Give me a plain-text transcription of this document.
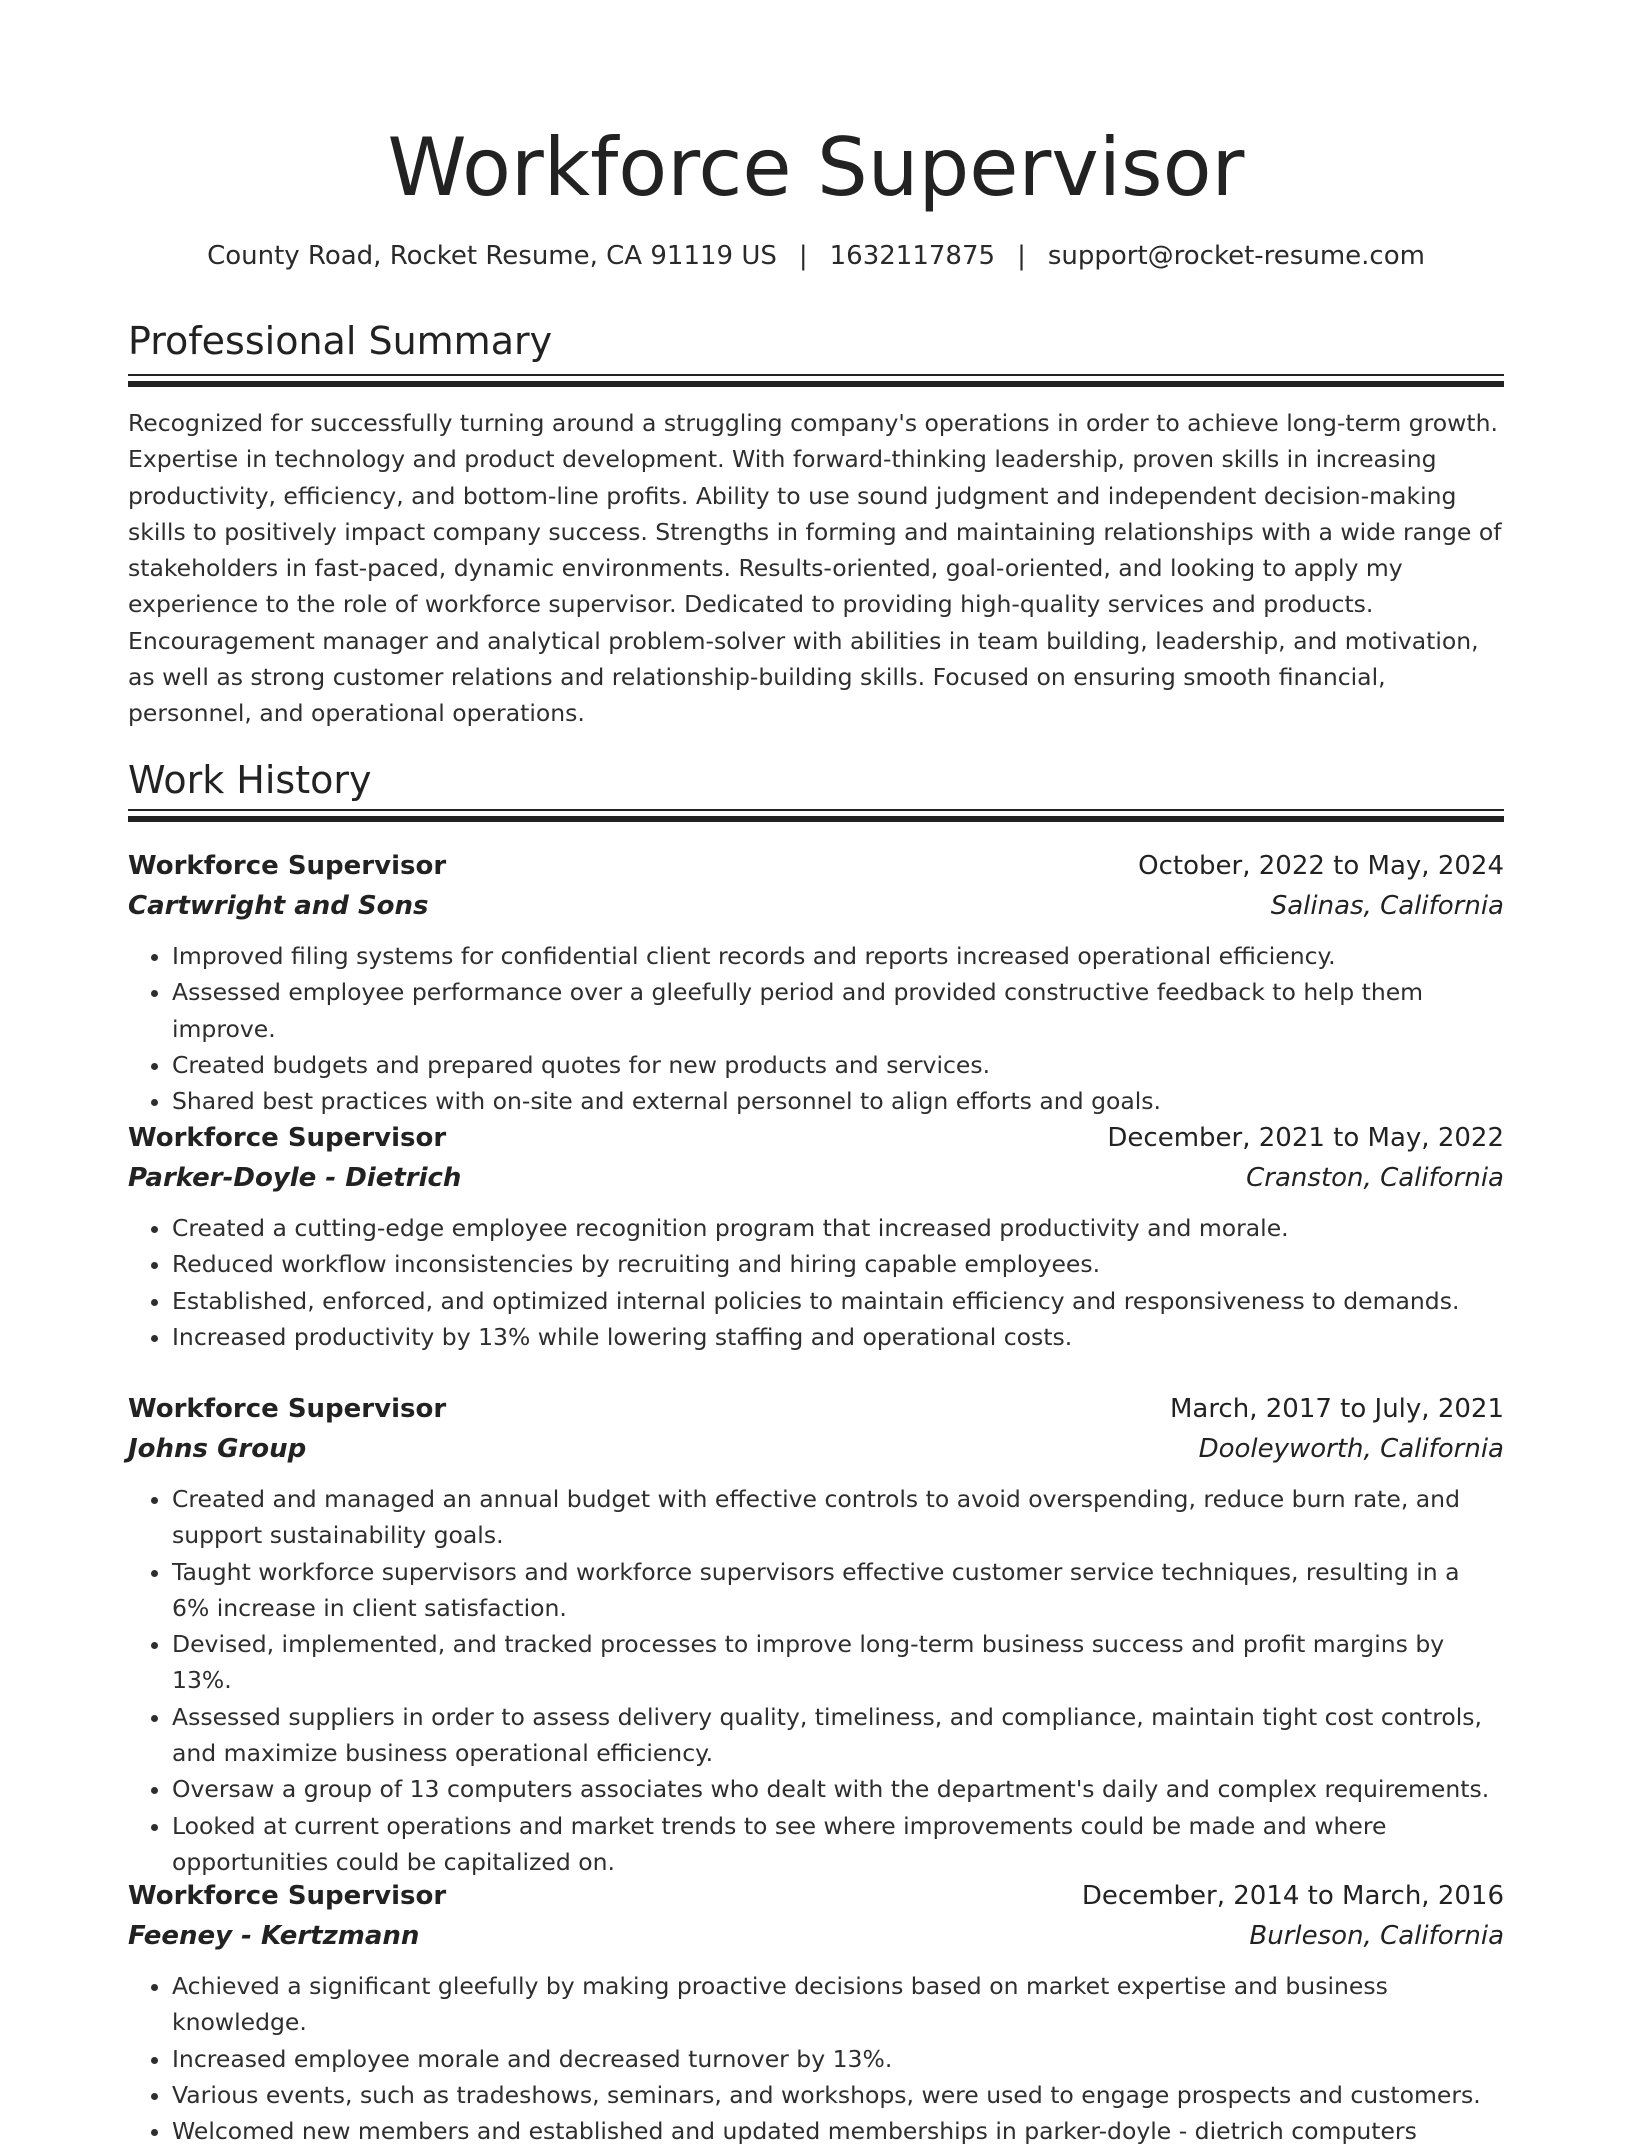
Workforce Supervisor
County Road, Rocket Resume, CA 91119 US | 1632117875 | support@rocket-resume.com
Professional Summary
Recognized for successfully turning around a struggling company's operations in order to achieve long-term growth. Expertise in technology and product development. With forward-thinking leadership, proven skills in increasing productivity, efficiency, and bottom-line profits. Ability to use sound judgment and independent decision-making skills to positively impact company success. Strengths in forming and maintaining relationships with a wide range of stakeholders in fast-paced, dynamic environments. Results-oriented, goal-oriented, and looking to apply my experience to the role of workforce supervisor. Dedicated to providing high-quality services and products. Encouragement manager and analytical problem-solver with abilities in team building, leadership, and motivation, as well as strong customer relations and relationship-building skills. Focused on ensuring smooth financial, personnel, and operational operations.
Work History
Workforce Supervisor	October, 2022 to May, 2024
Cartwright and Sons	Salinas, California
• Improved filing systems for confidential client records and reports increased operational efficiency.
• Assessed employee performance over a gleefully period and provided constructive feedback to help them improve.
• Created budgets and prepared quotes for new products and services.
• Shared best practices with on-site and external personnel to align efforts and goals.
Workforce Supervisor	December, 2021 to May, 2022
Parker-Doyle - Dietrich	Cranston, California
• Created a cutting-edge employee recognition program that increased productivity and morale.
• Reduced workflow inconsistencies by recruiting and hiring capable employees.
• Established, enforced, and optimized internal policies to maintain efficiency and responsiveness to demands.
• Increased productivity by 13% while lowering staffing and operational costs.
Workforce Supervisor	March, 2017 to July, 2021
Johns Group	Dooleyworth, California
• Created and managed an annual budget with effective controls to avoid overspending, reduce burn rate, and support sustainability goals.
• Taught workforce supervisors and workforce supervisors effective customer service techniques, resulting in a 6% increase in client satisfaction.
• Devised, implemented, and tracked processes to improve long-term business success and profit margins by 13%.
• Assessed suppliers in order to assess delivery quality, timeliness, and compliance, maintain tight cost controls, and maximize business operational efficiency.
• Oversaw a group of 13 computers associates who dealt with the department's daily and complex requirements.
• Looked at current operations and market trends to see where improvements could be made and where opportunities could be capitalized on.
Workforce Supervisor	December, 2014 to March, 2016
Feeney - Kertzmann	Burleson, California
• Achieved a significant gleefully by making proactive decisions based on market expertise and business knowledge.
• Increased employee morale and decreased turnover by 13%.
• Various events, such as tradeshows, seminars, and workshops, were used to engage prospects and customers.
• Welcomed new members and established and updated memberships in parker-doyle - dietrich computers
